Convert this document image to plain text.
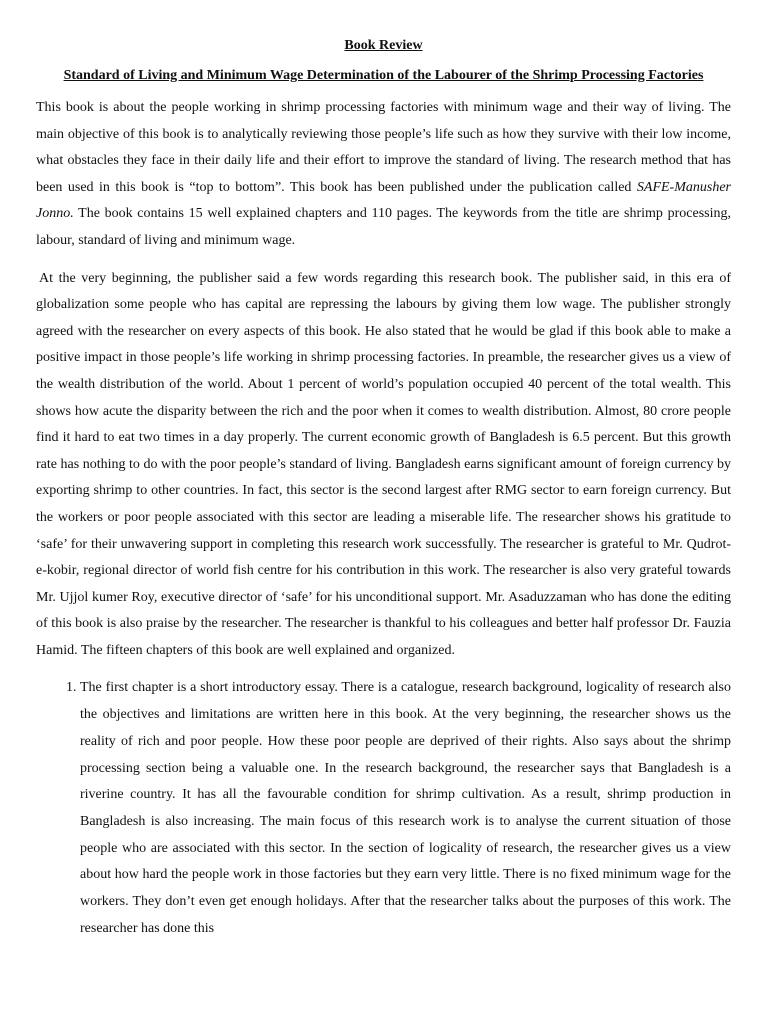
Book Review
Standard of Living and Minimum Wage Determination of the Labourer of the Shrimp Processing Factories

This book is about the people working in shrimp processing factories with minimum wage and their way of living. The main objective of this book is to analytically reviewing those people’s life such as how they survive with their low income, what obstacles they face in their daily life and their effort to improve the standard of living. The research method that has been used in this book is “top to bottom”. This book has been published under the publication called SAFE-Manusher Jonno. The book contains 15 well explained chapters and 110 pages. The keywords from the title are shrimp processing, labour, standard of living and minimum wage.

At the very beginning, the publisher said a few words regarding this research book. The publisher said, in this era of globalization some people who has capital are repressing the labours by giving them low wage. The publisher strongly agreed with the researcher on every aspects of this book. He also stated that he would be glad if this book able to make a positive impact in those people’s life working in shrimp processing factories. In preamble, the researcher gives us a view of the wealth distribution of the world. About 1 percent of world’s population occupied 40 percent of the total wealth. This shows how acute the disparity between the rich and the poor when it comes to wealth distribution. Almost, 80 crore people find it hard to eat two times in a day properly. The current economic growth of Bangladesh is 6.5 percent. But this growth rate has nothing to do with the poor people’s standard of living. Bangladesh earns significant amount of foreign currency by exporting shrimp to other countries. In fact, this sector is the second largest after RMG sector to earn foreign currency. But the workers or poor people associated with this sector are leading a miserable life. The researcher shows his gratitude to ‘safe’ for their unwavering support in completing this research work successfully. The researcher is grateful to Mr. Qudrot-e-kobir, regional director of world fish centre for his contribution in this work. The researcher is also very grateful towards Mr. Ujjol kumer Roy, executive director of ‘safe’ for his unconditional support. Mr. Asaduzzaman who has done the editing of this book is also praise by the researcher. The researcher is thankful to his colleagues and better half professor Dr. Fauzia Hamid. The fifteen chapters of this book are well explained and organized.

1. The first chapter is a short introductory essay. There is a catalogue, research background, logicality of research also the objectives and limitations are written here in this book. At the very beginning, the researcher shows us the reality of rich and poor people. How these poor people are deprived of their rights. Also says about the shrimp processing section being a valuable one. In the research background, the researcher says that Bangladesh is a riverine country. It has all the favourable condition for shrimp cultivation. As a result, shrimp production in Bangladesh is also increasing. The main focus of this research work is to analyse the current situation of those people who are associated with this sector. In the section of logicality of research, the researcher gives us a view about how hard the people work in those factories but they earn very little. There is no fixed minimum wage for the workers. They don’t even get enough holidays. After that the researcher talks about the purposes of this work. The researcher has done this
